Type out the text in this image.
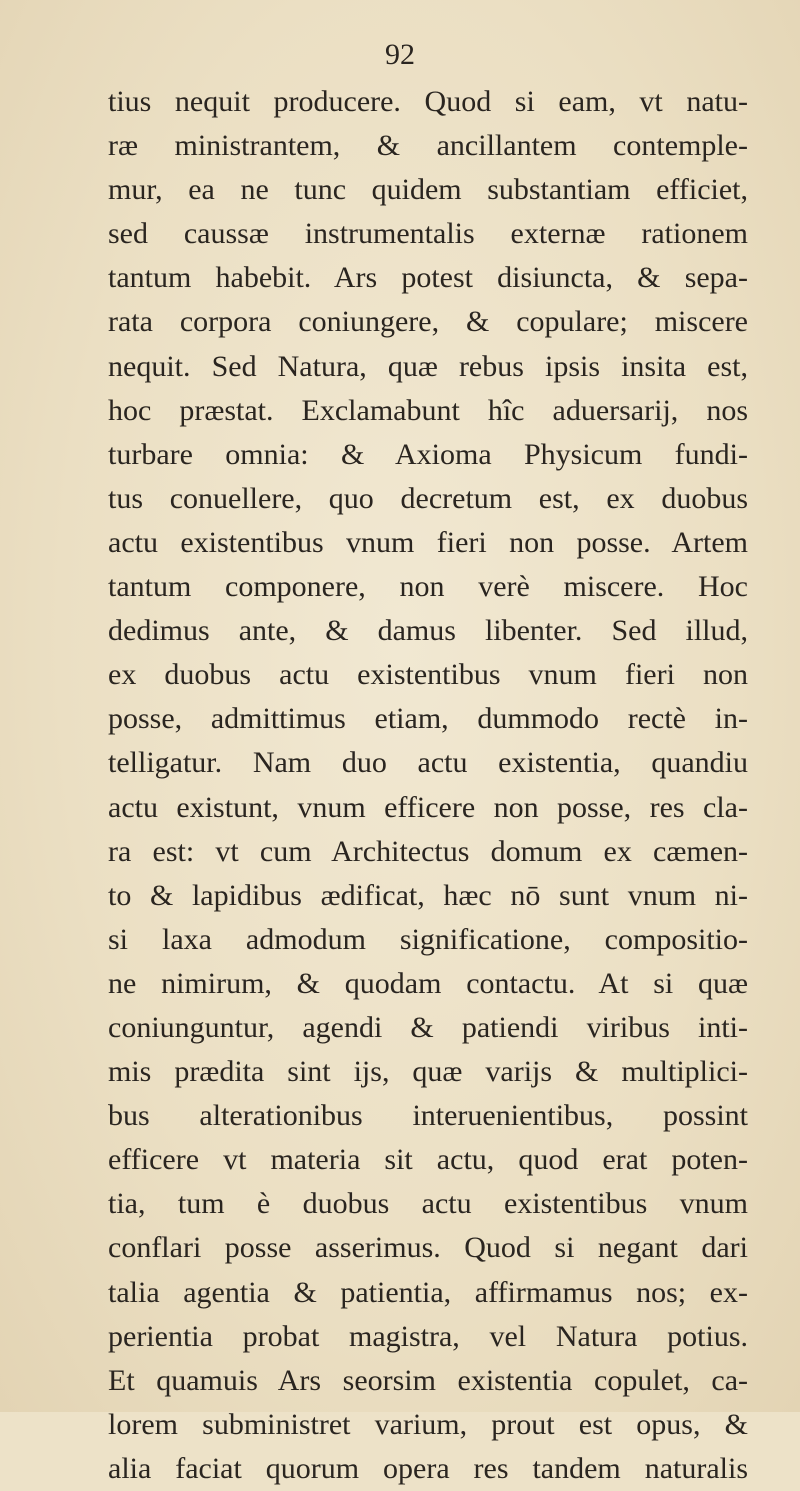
92
tius nequit producere. Quod si eam, vt natu-
ræ ministrantem, & ancillantem contemple-
mur, ea ne tunc quidem substantiam efficiet,
sed caussæ instrumentalis externæ rationem
tantum habebit. Ars potest disiuncta, & sepa-
rata corpora coniungere, & copulare; miscere
nequit. Sed Natura, quæ rebus ipsis insita est,
hoc præstat. Exclamabunt hîc aduersarij, nos
turbare omnia: & Axioma Physicum fundi-
tus conuellere, quo decretum est, ex duobus
actu existentibus vnum fieri non posse. Artem
tantum componere, non verè miscere. Hoc
dedimus ante, & damus libenter. Sed illud,
ex duobus actu existentibus vnum fieri non
posse, admittimus etiam, dummodo rectè in-
telligatur. Nam duo actu existentia, quandiu
actu existunt, vnum efficere non posse, res cla-
ra est: vt cum Architectus domum ex cæmen-
to & lapidibus ædificat, hæc nō sunt vnum ni-
si laxa admodum significatione, compositio-
ne nimirum, & quodam contactu. At si quæ
coniunguntur, agendi & patiendi viribus inti-
mis prædita sint ijs, quæ varijs & multiplici-
bus alterationibus interuenientibus, possint
efficere vt materia sit actu, quod erat poten-
tia, tum è duobus actu existentibus vnum
conflari posse asserimus. Quod si negant dari
talia agentia & patientia, affirmamus nos; ex-
perientia probat magistra, vel Natura potius.
Et quamuis Ars seorsim existentia copulet, ca-
lorem subministret varium, prout est opus, &
alia faciat quorum opera res tandem naturalis
